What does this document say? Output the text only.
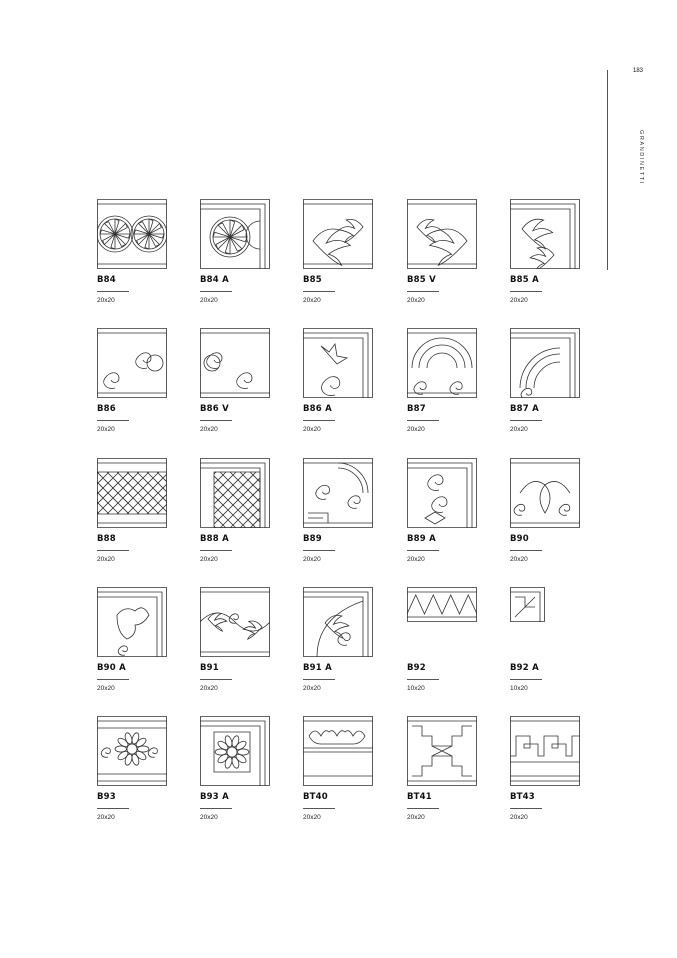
183
GRANDINETTI
B84
20x20
B84 A
20x20
B85
20x20
B85 V
20x20
B85 A
20x20
B86
20x20
B86 V
20x20
B86 A
20x20
B87
20x20
B87 A
20x20
B88
20x20
B88 A
20x20
B89
20x20
B89 A
20x20
B90
20x20
B90 A
20x20
B91
20x20
B91 A
20x20
B92
10x20
B92 A
10x20
B93
20x20
B93 A
20x20
BT40
20x20
BT41
20x20
BT43
20x20
